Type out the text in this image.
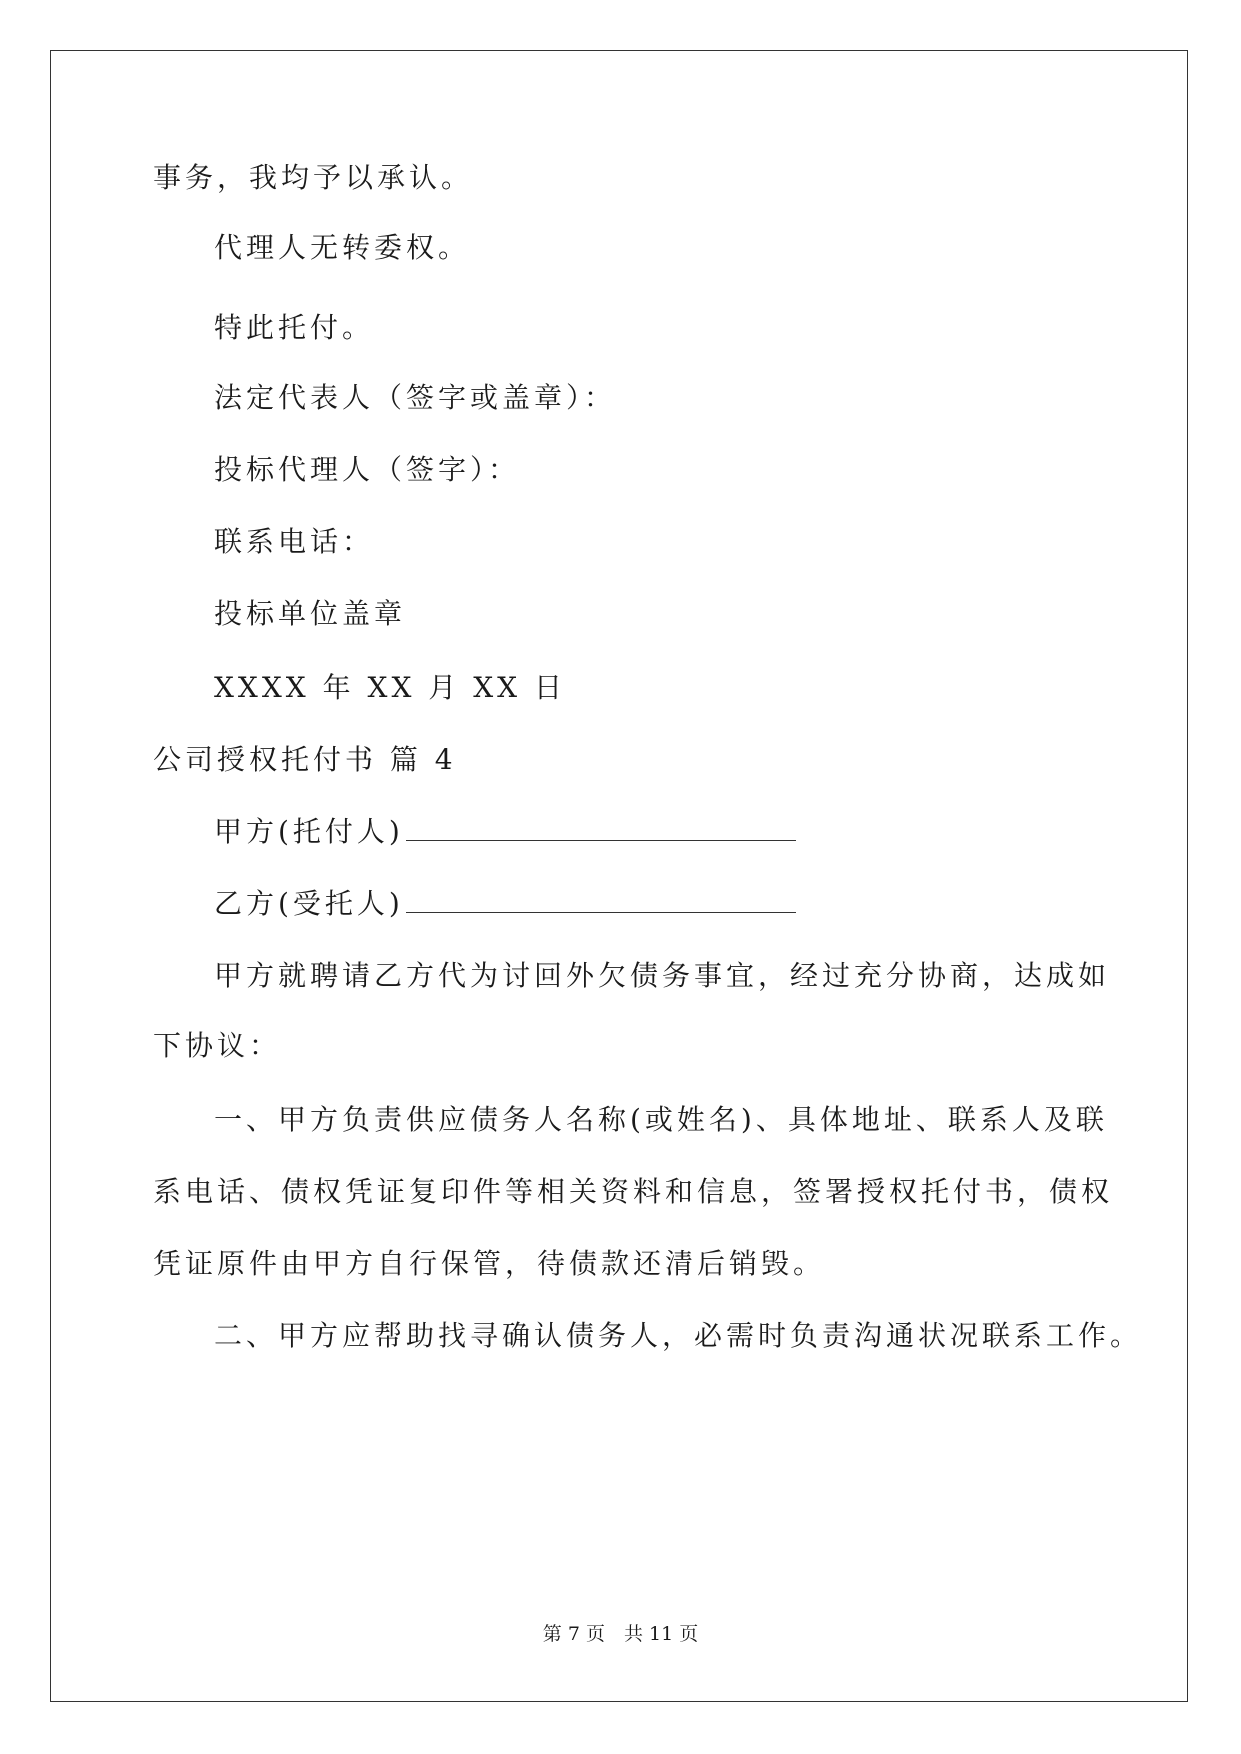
事务，我均予以承认。
代理人无转委权。
特此托付。
法定代表人（签字或盖章）：
投标代理人（签字）：
联系电话：
投标单位盖章
XXXX 年 XX 月 XX 日
公司授权托付书 篇 4
甲方(托付人)
乙方(受托人)
甲方就聘请乙方代为讨回外欠债务事宜，经过充分协商，达成如
下协议：
一、甲方负责供应债务人名称(或姓名)、具体地址、联系人及联
系电话、债权凭证复印件等相关资料和信息，签署授权托付书，债权
凭证原件由甲方自行保管，待债款还清后销毁。
二、甲方应帮助找寻确认债务人，必需时负责沟通状况联系工作。
第 7 页　共 11 页
